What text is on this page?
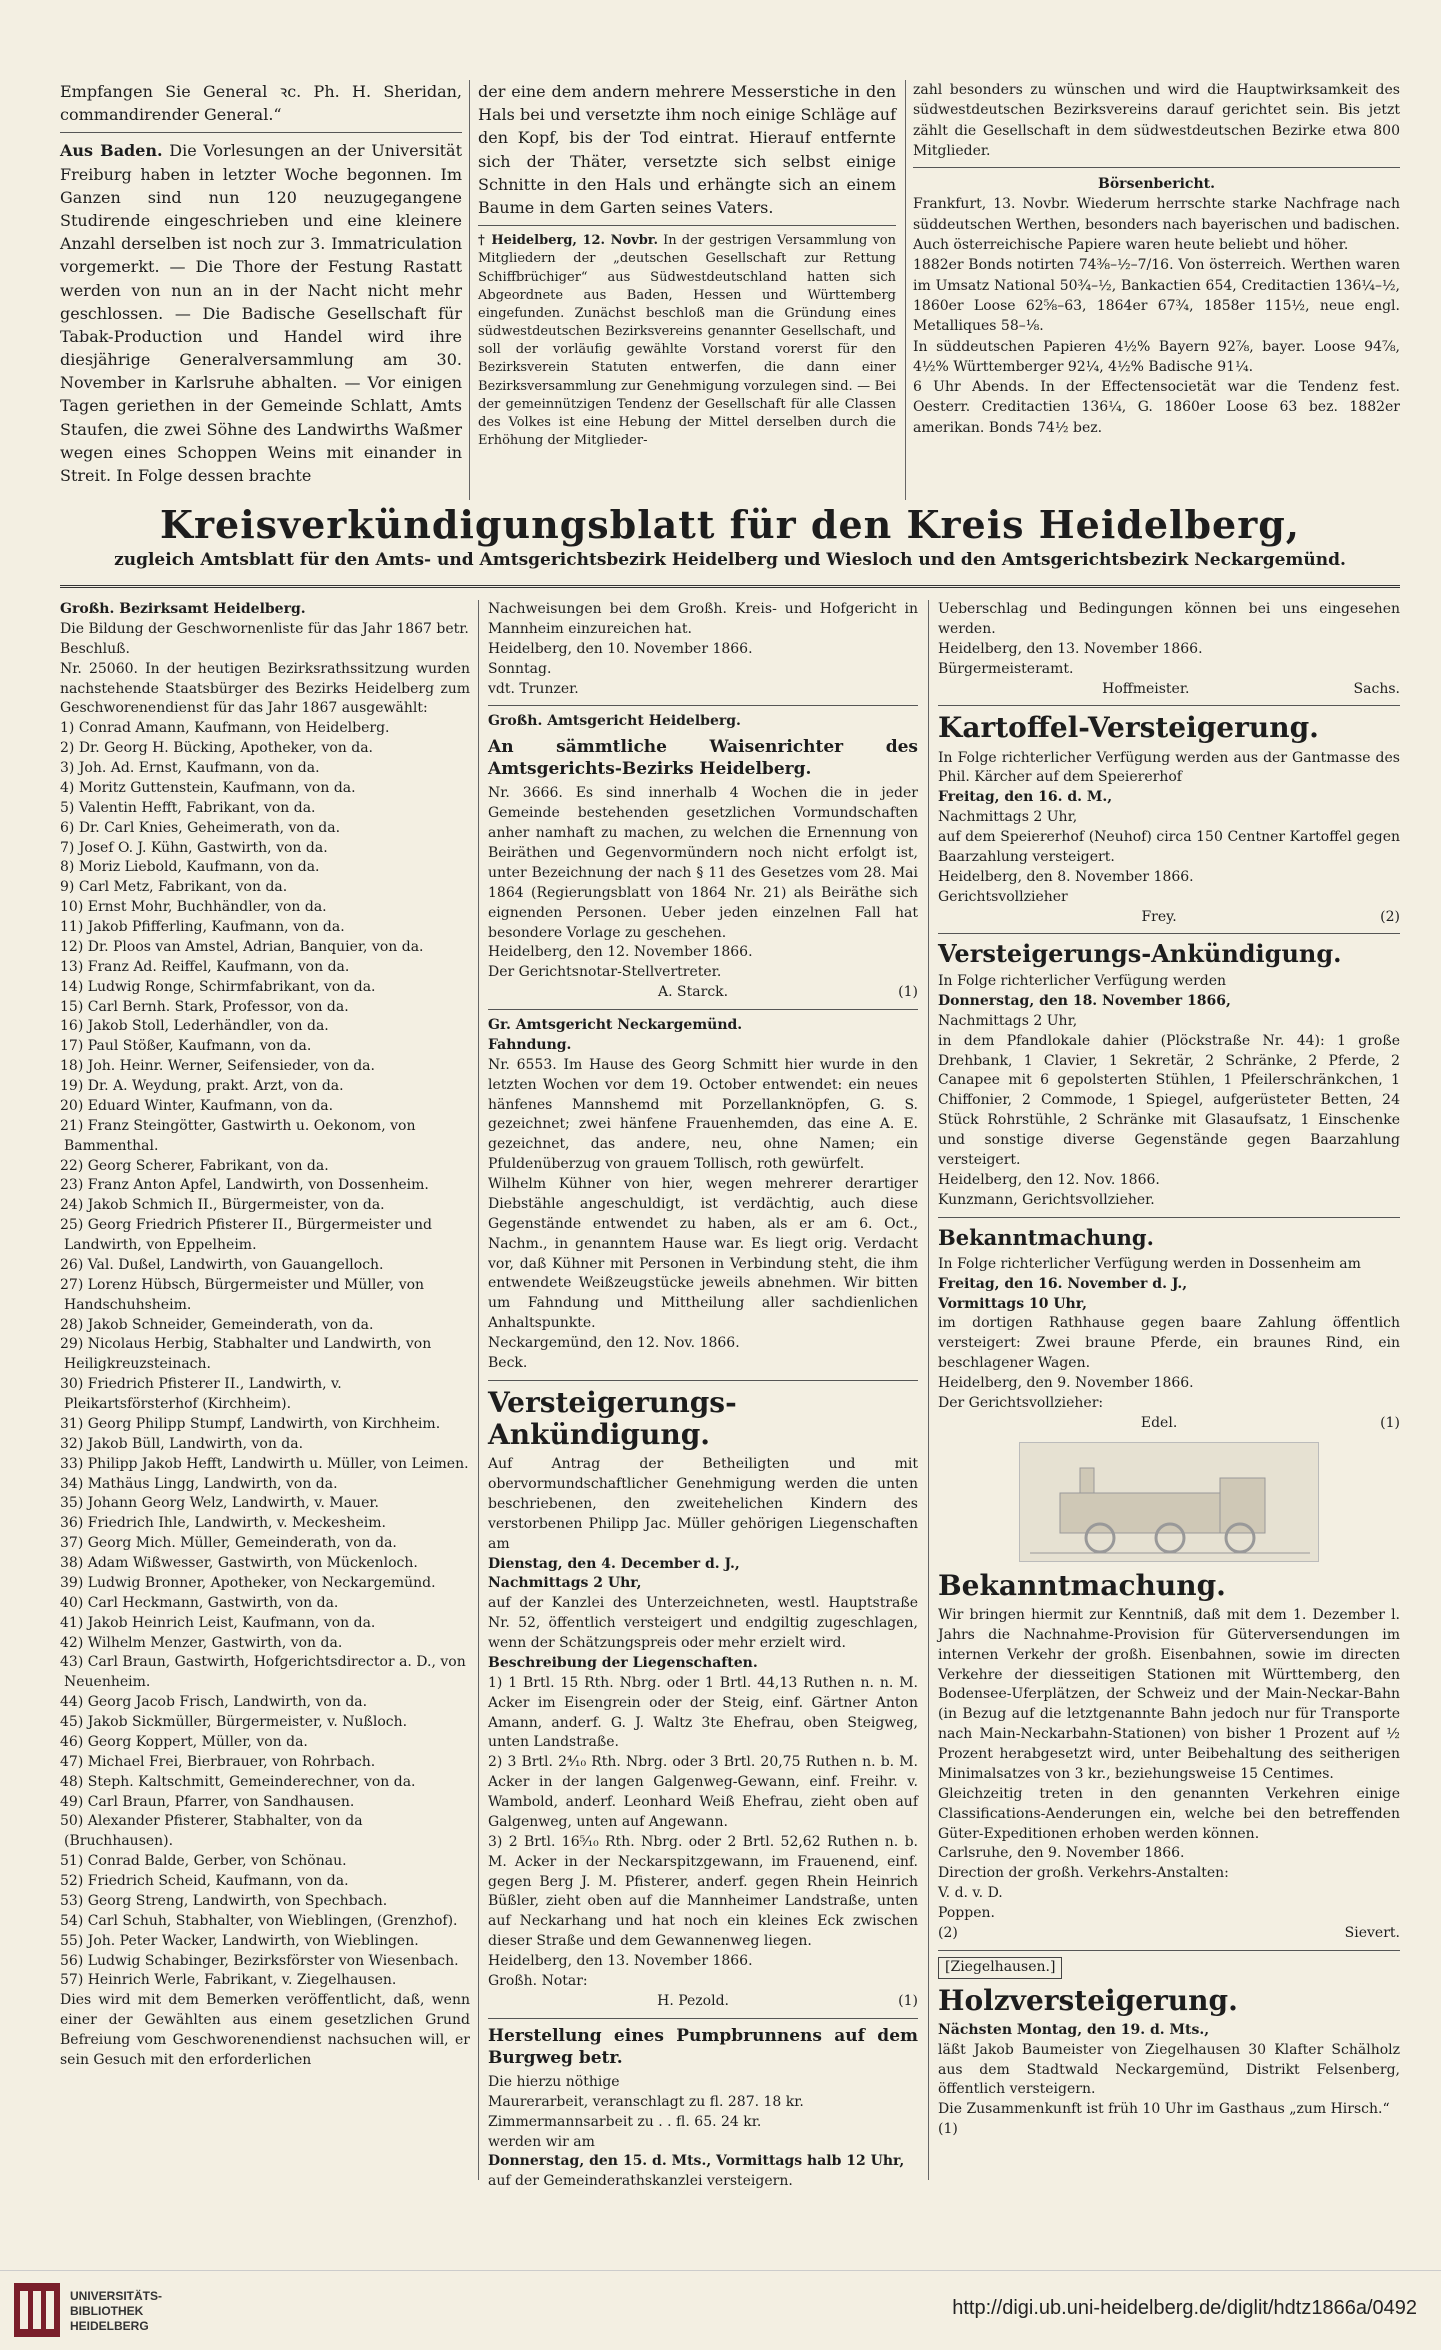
Empfangen Sie General ꝛc. Ph. H. Sheridan, commandirender General.“

Aus Baden. Die Vorlesungen an der Universität Freiburg haben in letzter Woche begonnen. Im Ganzen sind nun 120 neuzugegangene Studirende eingeschrieben und eine kleinere Anzahl derselben ist noch zur 3. Immatriculation vorgemerkt. — Die Thore der Festung Rastatt werden von nun an in der Nacht nicht mehr geschlossen. — Die Badische Gesellschaft für Tabak-Production und Handel wird ihre diesjährige Generalversammlung am 30. November in Karlsruhe abhalten. — Vor einigen Tagen geriethen in der Gemeinde Schlatt, Amts Staufen, die zwei Söhne des Landwirths Waßmer wegen eines Schoppen Weins mit einander in Streit. In Folge dessen brachte

der eine dem andern mehrere Messerstiche in den Hals bei und versetzte ihm noch einige Schläge auf den Kopf, bis der Tod eintrat. Hierauf entfernte sich der Thäter, versetzte sich selbst einige Schnitte in den Hals und erhängte sich an einem Baume in dem Garten seines Vaters.

† Heidelberg, 12. Novbr. In der gestrigen Versammlung von Mitgliedern der „deutschen Gesellschaft zur Rettung Schiffbrüchiger“ aus Südwestdeutschland hatten sich Abgeordnete aus Baden, Hessen und Württemberg eingefunden. Zunächst beschloß man die Gründung eines südwestdeutschen Bezirksvereins genannter Gesellschaft, und soll der vorläufig gewählte Vorstand vorerst für den Bezirksverein Statuten entwerfen, die dann einer Bezirksversammlung zur Genehmigung vorzulegen sind. — Bei der gemeinnützigen Tendenz der Gesellschaft für alle Classen des Volkes ist eine Hebung der Mittel derselben durch die Erhöhung der Mitglieder-

zahl besonders zu wünschen und wird die Hauptwirksamkeit des südwestdeutschen Bezirksvereins darauf gerichtet sein. Bis jetzt zählt die Gesellschaft in dem südwestdeutschen Bezirke etwa 800 Mitglieder.

Börsenbericht.

Frankfurt, 13. Novbr. Wiederum herrschte starke Nachfrage nach süddeutschen Werthen, besonders nach bayerischen und badischen. Auch österreichische Papiere waren heute beliebt und höher.

1882er Bonds notirten 74⅜–½–7/16. Von österreich. Werthen waren im Umsatz National 50¾–½, Bankactien 654, Creditactien 136¼–½, 1860er Loose 62⅝–63, 1864er 67¾, 1858er 115½, neue engl. Metalliques 58–⅛.

In süddeutschen Papieren 4½% Bayern 92⅞, bayer. Loose 94⅞, 4½% Württemberger 92¼, 4½% Badische 91¼.

6 Uhr Abends. In der Effectensocietät war die Tendenz fest. Oesterr. Creditactien 136¼, G. 1860er Loose 63 bez. 1882er amerikan. Bonds 74½ bez.

Kreisverkündigungsblatt für den Kreis Heidelberg,
zugleich Amtsblatt für den Amts- und Amtsgerichtsbezirk Heidelberg und Wiesloch und den Amtsgerichtsbezirk Neckargemünd.

Großh. Bezirksamt Heidelberg.

Die Bildung der Geschwornenliste für das Jahr 1867 betr.

Beschluß.

Nr. 25060. In der heutigen Bezirksrathssitzung wurden nachstehende Staatsbürger des Bezirks Heidelberg zum Geschworenendienst für das Jahr 1867 ausgewählt:

1) Conrad Amann, Kaufmann, von Heidelberg.
2) Dr. Georg H. Bücking, Apotheker, von da.
3) Joh. Ad. Ernst, Kaufmann, von da.
4) Moritz Guttenstein, Kaufmann, von da.
5) Valentin Hefft, Fabrikant, von da.
6) Dr. Carl Knies, Geheimerath, von da.
7) Josef O. J. Kühn, Gastwirth, von da.
8) Moriz Liebold, Kaufmann, von da.
9) Carl Metz, Fabrikant, von da.
10) Ernst Mohr, Buchhändler, von da.
11) Jakob Pfifferling, Kaufmann, von da.
12) Dr. Ploos van Amstel, Adrian, Banquier, von da.
13) Franz Ad. Reiffel, Kaufmann, von da.
14) Ludwig Ronge, Schirmfabrikant, von da.
15) Carl Bernh. Stark, Professor, von da.
16) Jakob Stoll, Lederhändler, von da.
17) Paul Stößer, Kaufmann, von da.
18) Joh. Heinr. Werner, Seifensieder, von da.
19) Dr. A. Weydung, prakt. Arzt, von da.
20) Eduard Winter, Kaufmann, von da.
21) Franz Steingötter, Gastwirth u. Oekonom, von Bammenthal.
22) Georg Scherer, Fabrikant, von da.
23) Franz Anton Apfel, Landwirth, von Dossenheim.
24) Jakob Schmich II., Bürgermeister, von da.
25) Georg Friedrich Pfisterer II., Bürgermeister und Landwirth, von Eppelheim.
26) Val. Dußel, Landwirth, von Gauangelloch.
27) Lorenz Hübsch, Bürgermeister und Müller, von Handschuhsheim.
28) Jakob Schneider, Gemeinderath, von da.
29) Nicolaus Herbig, Stabhalter und Landwirth, von Heiligkreuzsteinach.
30) Friedrich Pfisterer II., Landwirth, v. Pleikartsförsterhof (Kirchheim).
31) Georg Philipp Stumpf, Landwirth, von Kirchheim.
32) Jakob Büll, Landwirth, von da.
33) Philipp Jakob Hefft, Landwirth u. Müller, von Leimen.
34) Mathäus Lingg, Landwirth, von da.
35) Johann Georg Welz, Landwirth, v. Mauer.
36) Friedrich Ihle, Landwirth, v. Meckesheim.
37) Georg Mich. Müller, Gemeinderath, von da.
38) Adam Wißwesser, Gastwirth, von Mückenloch.
39) Ludwig Bronner, Apotheker, von Neckargemünd.
40) Carl Heckmann, Gastwirth, von da.
41) Jakob Heinrich Leist, Kaufmann, von da.
42) Wilhelm Menzer, Gastwirth, von da.
43) Carl Braun, Gastwirth, Hofgerichtsdirector a. D., von Neuenheim.
44) Georg Jacob Frisch, Landwirth, von da.
45) Jakob Sickmüller, Bürgermeister, v. Nußloch.
46) Georg Koppert, Müller, von da.
47) Michael Frei, Bierbrauer, von Rohrbach.
48) Steph. Kaltschmitt, Gemeinderechner, von da.
49) Carl Braun, Pfarrer, von Sandhausen.
50) Alexander Pfisterer, Stabhalter, von da (Bruchhausen).
51) Conrad Balde, Gerber, von Schönau.
52) Friedrich Scheid, Kaufmann, von da.
53) Georg Streng, Landwirth, von Spechbach.
54) Carl Schuh, Stabhalter, von Wieblingen, (Grenzhof).
55) Joh. Peter Wacker, Landwirth, von Wieblingen.
56) Ludwig Schabinger, Bezirksförster von Wiesenbach.
57) Heinrich Werle, Fabrikant, v. Ziegelhausen.

Dies wird mit dem Bemerken veröffentlicht, daß, wenn einer der Gewählten aus einem gesetzlichen Grund Befreiung vom Geschworenendienst nachsuchen will, er sein Gesuch mit den erforderlichen

Nachweisungen bei dem Großh. Kreis- und Hofgericht in Mannheim einzureichen hat.

Heidelberg, den 10. November 1866.

Sonntag.

vdt. Trunzer.

Großh. Amtsgericht Heidelberg.

An sämmtliche Waisenrichter des Amtsgerichts-Bezirks Heidelberg.

Nr. 3666. Es sind innerhalb 4 Wochen die in jeder Gemeinde bestehenden gesetzlichen Vormundschaften anher namhaft zu machen, zu welchen die Ernennung von Beiräthen und Gegenvormündern noch nicht erfolgt ist, unter Bezeichnung der nach § 11 des Gesetzes vom 28. Mai 1864 (Regierungsblatt von 1864 Nr. 21) als Beiräthe sich eignenden Personen. Ueber jeden einzelnen Fall hat besondere Vorlage zu geschehen.

Heidelberg, den 12. November 1866.

Der Gerichtsnotar-Stellvertreter.

A. Starck.	(1)

Gr. Amtsgericht Neckargemünd.

Fahndung.

Nr. 6553. Im Hause des Georg Schmitt hier wurde in den letzten Wochen vor dem 19. October entwendet: ein neues hänfenes Mannshemd mit Porzellanknöpfen, G. S. gezeichnet; zwei hänfene Frauenhemden, das eine A. E. gezeichnet, das andere, neu, ohne Namen; ein Pfuldenüberzug von grauem Tollisch, roth gewürfelt.

Wilhelm Kühner von hier, wegen mehrerer derartiger Diebstähle angeschuldigt, ist verdächtig, auch diese Gegenstände entwendet zu haben, als er am 6. Oct., Nachm., in genanntem Hause war. Es liegt orig. Verdacht vor, daß Kühner mit Personen in Verbindung steht, die ihm entwendete Weißzeugstücke jeweils abnehmen. Wir bitten um Fahndung und Mittheilung aller sachdienlichen Anhaltspunkte.

Neckargemünd, den 12. Nov. 1866.

Beck.

Versteigerungs-Ankündigung.

Auf Antrag der Betheiligten und mit obervormundschaftlicher Genehmigung werden die unten beschriebenen, den zweitehelichen Kindern des verstorbenen Philipp Jac. Müller gehörigen Liegenschaften am

Dienstag, den 4. December d. J.,

Nachmittags 2 Uhr,

auf der Kanzlei des Unterzeichneten, westl. Hauptstraße Nr. 52, öffentlich versteigert und endgiltig zugeschlagen, wenn der Schätzungspreis oder mehr erzielt wird.

Beschreibung der Liegenschaften.

1) 1 Brtl. 15 Rth. Nbrg. oder 1 Brtl. 44,13 Ruthen n. n. M. Acker im Eisengrein oder der Steig, einf. Gärtner Anton Amann, anderf. G. J. Waltz 3te Ehefrau, oben Steigweg, unten Landstraße.

2) 3 Brtl. 2⁴⁄₁₀ Rth. Nbrg. oder 3 Brtl. 20,75 Ruthen n. b. M. Acker in der langen Galgenweg-Gewann, einf. Freihr. v. Wambold, anderf. Leonhard Weiß Ehefrau, zieht oben auf Galgenweg, unten auf Angewann.

3) 2 Brtl. 16⁵⁄₁₀ Rth. Nbrg. oder 2 Brtl. 52,62 Ruthen n. b. M. Acker in der Neckarspitzgewann, im Frauenend, einf. gegen Berg J. M. Pfisterer, anderf. gegen Rhein Heinrich Büßler, zieht oben auf die Mannheimer Landstraße, unten auf Neckarhang und hat noch ein kleines Eck zwischen dieser Straße und dem Gewannenweg liegen.

Heidelberg, den 13. November 1866.

Großh. Notar:

H. Pezold.	(1)

Herstellung eines Pumpbrunnens auf dem Burgweg betr.

Die hierzu nöthige

Maurerarbeit, veranschlagt zu fl. 287. 18 kr.

Zimmermannsarbeit zu . . fl. 65. 24 kr.

werden wir am

Donnerstag, den 15. d. Mts., Vormittags halb 12 Uhr,

auf der Gemeinderathskanzlei versteigern.

Ueberschlag und Bedingungen können bei uns eingesehen werden.

Heidelberg, den 13. November 1866.

Bürgermeisteramt.

Hoffmeister.	Sachs.

Kartoffel-Versteigerung.

In Folge richterlicher Verfügung werden aus der Gantmasse des Phil. Kärcher auf dem Speiererhof

Freitag, den 16. d. M.,

Nachmittags 2 Uhr,

auf dem Speiererhof (Neuhof) circa 150 Centner Kartoffel gegen Baarzahlung versteigert.

Heidelberg, den 8. November 1866.

Gerichtsvollzieher

Frey.	(2)

Versteigerungs-Ankündigung.

In Folge richterlicher Verfügung werden

Donnerstag, den 18. November 1866,

Nachmittags 2 Uhr,

in dem Pfandlokale dahier (Plöckstraße Nr. 44): 1 große Drehbank, 1 Clavier, 1 Sekretär, 2 Schränke, 2 Pferde, 2 Canapee mit 6 gepolsterten Stühlen, 1 Pfeilerschränkchen, 1 Chiffonier, 2 Commode, 1 Spiegel, aufgerüsteter Betten, 24 Stück Rohrstühle, 2 Schränke mit Glasaufsatz, 1 Einschenke und sonstige diverse Gegenstände gegen Baarzahlung versteigert.

Heidelberg, den 12. Nov. 1866.

Kunzmann, Gerichtsvollzieher.

Bekanntmachung.

In Folge richterlicher Verfügung werden in Dossenheim am

Freitag, den 16. November d. J.,

Vormittags 10 Uhr,

im dortigen Rathhause gegen baare Zahlung öffentlich versteigert: Zwei braune Pferde, ein braunes Rind, ein beschlagener Wagen.

Heidelberg, den 9. November 1866.

Der Gerichtsvollzieher:

Edel.	(1)

Bekanntmachung.

Wir bringen hiermit zur Kenntniß, daß mit dem 1. Dezember l. Jahrs die Nachnahme-Provision für Güterversendungen im internen Verkehr der großh. Eisenbahnen, sowie im directen Verkehre der diesseitigen Stationen mit Württemberg, den Bodensee-Uferplätzen, der Schweiz und der Main-Neckar-Bahn (in Bezug auf die letztgenannte Bahn jedoch nur für Transporte nach Main-Neckarbahn-Stationen) von bisher 1 Prozent auf ½ Prozent herabgesetzt wird, unter Beibehaltung des seitherigen Minimalsatzes von 3 kr., beziehungsweise 15 Centimes.

Gleichzeitig treten in den genannten Verkehren einige Classifications-Aenderungen ein, welche bei den betreffenden Güter-Expeditionen erhoben werden können.

Carlsruhe, den 9. November 1866.

Direction der großh. Verkehrs-Anstalten:

V. d. v. D.

Poppen.

(2)	Sievert.

[Ziegelhausen.]

Holzversteigerung.

Nächsten Montag, den 19. d. Mts.,

läßt Jakob Baumeister von Ziegelhausen 30 Klafter Schälholz aus dem Stadtwald Neckargemünd, Distrikt Felsenberg, öffentlich versteigern.

Die Zusammenkunft ist früh 10 Uhr im Gasthaus „zum Hirsch.“

(1)

UNIVERSITÄTS-
BIBLIOTHEK
HEIDELBERG
http://digi.ub.uni-heidelberg.de/diglit/hdtz1866a/0492
